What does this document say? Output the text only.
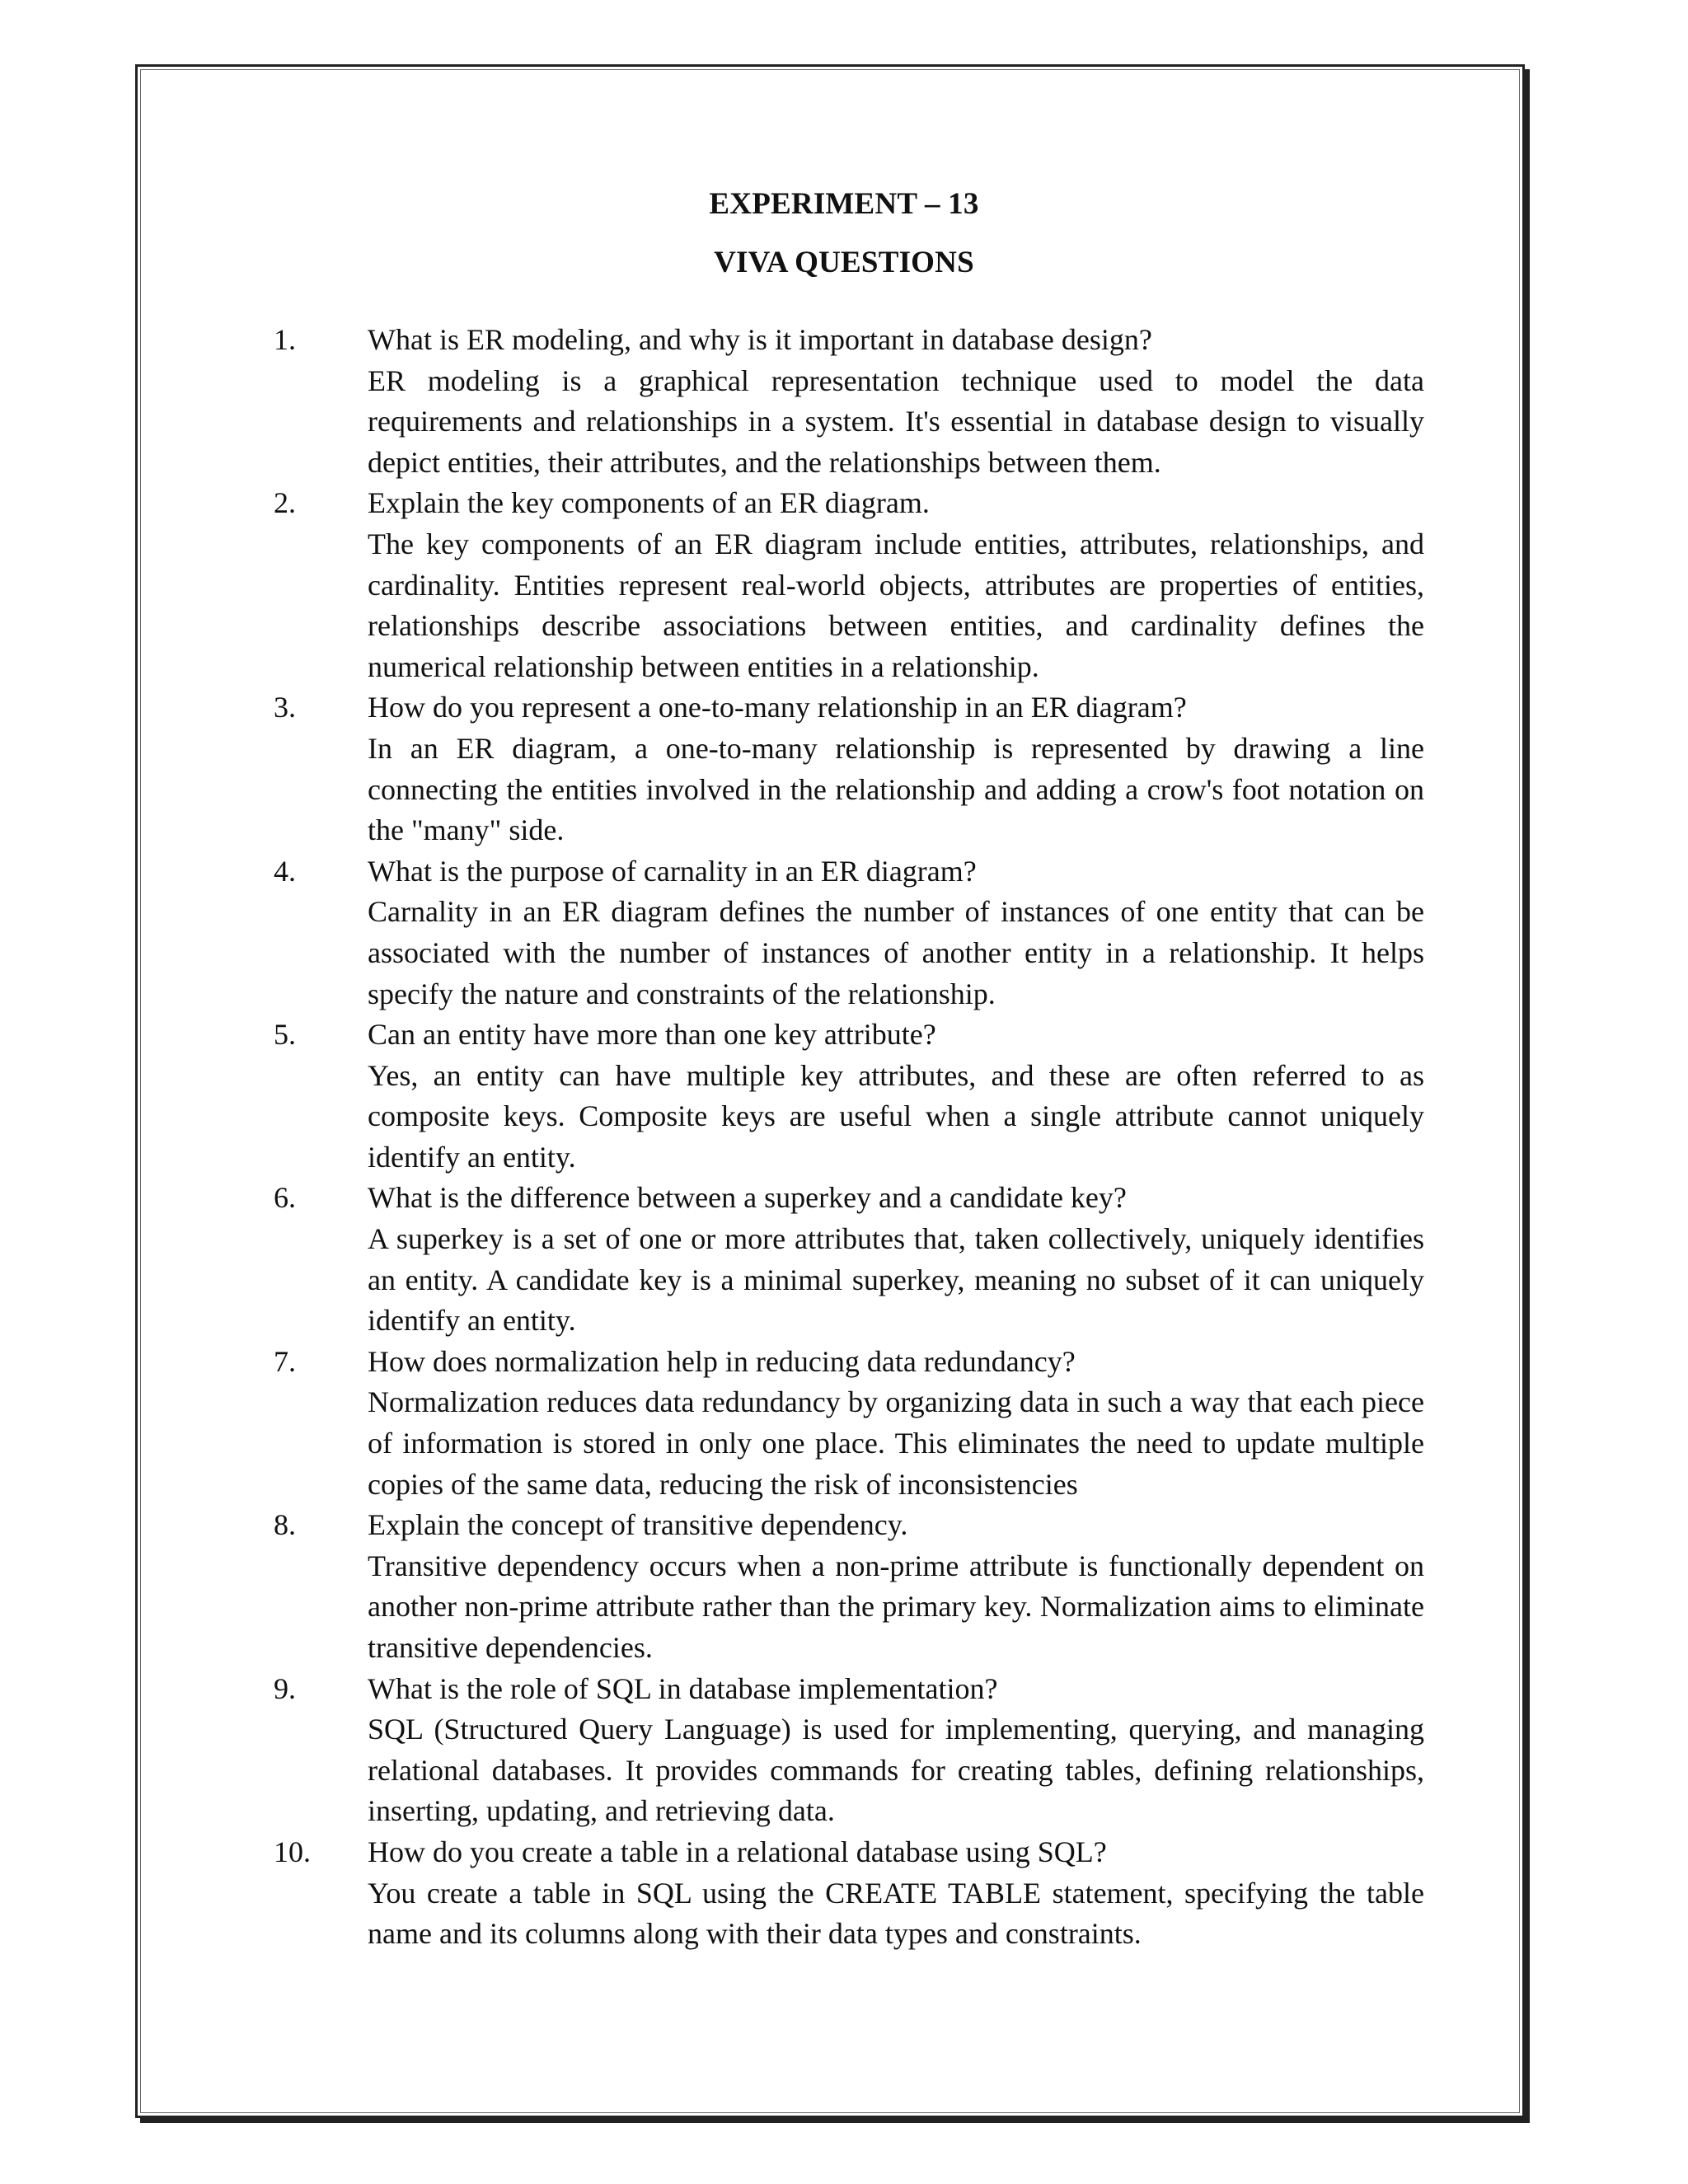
EXPERIMENT – 13
VIVA QUESTIONS
1. What is ER modeling, and why is it important in database design?
ER modeling is a graphical representation technique used to model the data requirements and relationships in a system. It's essential in database design to visually depict entities, their attributes, and the relationships between them.
2. Explain the key components of an ER diagram.
The key components of an ER diagram include entities, attributes, relationships, and cardinality. Entities represent real-world objects, attributes are properties of entities, relationships describe associations between entities, and cardinality defines the numerical relationship between entities in a relationship.
3. How do you represent a one-to-many relationship in an ER diagram?
In an ER diagram, a one-to-many relationship is represented by drawing a line connecting the entities involved in the relationship and adding a crow's foot notation on the "many" side.
4. What is the purpose of carnality in an ER diagram?
Carnality in an ER diagram defines the number of instances of one entity that can be associated with the number of instances of another entity in a relationship. It helps specify the nature and constraints of the relationship.
5. Can an entity have more than one key attribute?
Yes, an entity can have multiple key attributes, and these are often referred to as composite keys. Composite keys are useful when a single attribute cannot uniquely identify an entity.
6. What is the difference between a superkey and a candidate key?
A superkey is a set of one or more attributes that, taken collectively, uniquely identifies an entity. A candidate key is a minimal superkey, meaning no subset of it can uniquely identify an entity.
7. How does normalization help in reducing data redundancy?
Normalization reduces data redundancy by organizing data in such a way that each piece of information is stored in only one place. This eliminates the need to update multiple copies of the same data, reducing the risk of inconsistencies
8. Explain the concept of transitive dependency.
Transitive dependency occurs when a non-prime attribute is functionally dependent on another non-prime attribute rather than the primary key. Normalization aims to eliminate transitive dependencies.
9. What is the role of SQL in database implementation?
SQL (Structured Query Language) is used for implementing, querying, and managing relational databases. It provides commands for creating tables, defining relationships, inserting, updating, and retrieving data.
10. How do you create a table in a relational database using SQL?
You create a table in SQL using the CREATE TABLE statement, specifying the table name and its columns along with their data types and constraints.
